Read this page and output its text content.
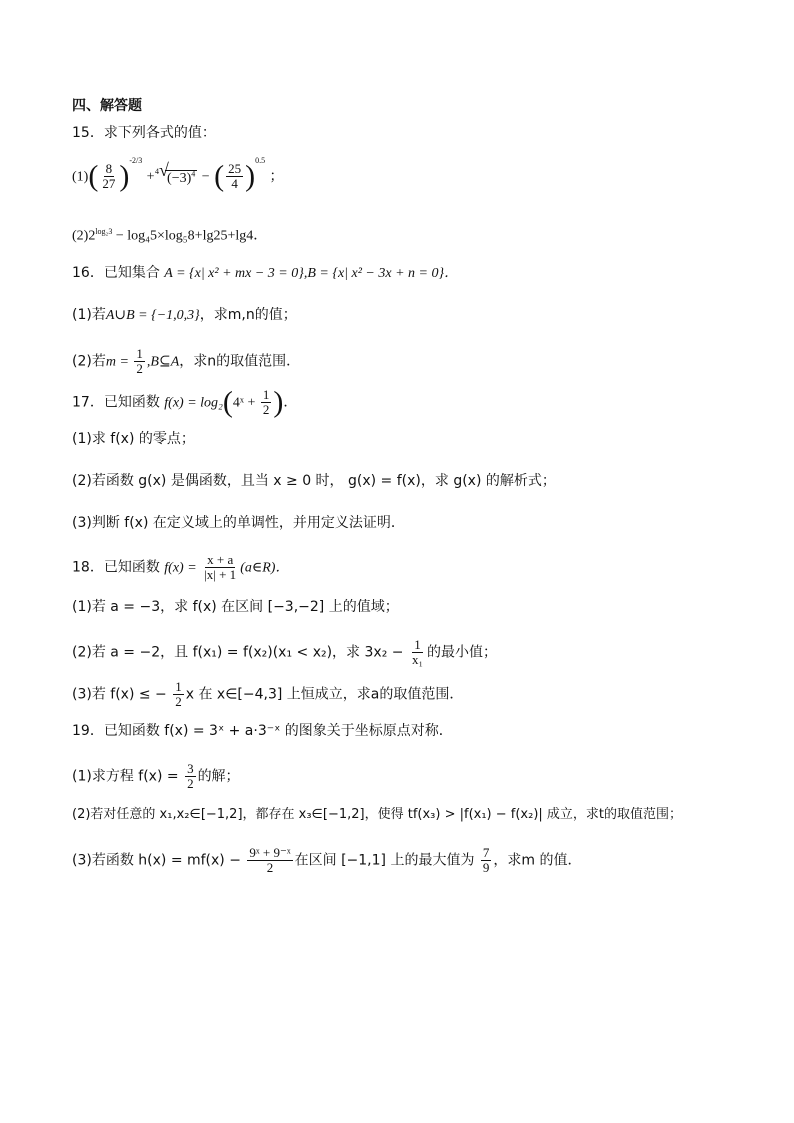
四、解答题
15．求下列各式的值：
$(1)( \frac{8}{27} )^{-2/3} + 4$ √
$(-3)^4$ − ( $\frac{25}{4} )^{0.5}$ ；
$(2)2^{log_23} - \log_45\times\log_58+\lg 25+\lg 4$．
16．已知集合 A = {x| x² + mx − 3 = 0},B = {x| x² − 3x + n = 0}．
(1)若A∪B = {−1,0,3}，求m,n的值；
(2)若$m = \frac{1}{2}$ ,B⊆A，求n的取值范围．
17．已知函数 f(x) = log₂(4ˣ + $\frac{1}{2}$ )．
(1)求 f(x) 的零点；
(2)若函数 g(x) 是偶函数，且当 x ≥ 0 时， g(x) = f(x)，求 g(x) 的解析式；
(3)判断 f(x) 在定义域上的单调性，并用定义法证明．
18．已知函数 $f(x) = \frac{x + a}{|x| + 1}$ (a∈R)．
(1)若 a = −3，求 f(x) 在区间 [−3,−2] 上的值域；
(2)若 a = −2，且 f(x₁) = f(x₂)(x₁ < x₂)，求 $3x_2 - \frac{1}{\text{x₁}}$ 的最小值；
(3)若 f(x) ≤ − $\frac{1}{2}$ x 在 x∈[−4,3] 上恒成立，求a的取值范围．
19．已知函数 f(x) = 3ˣ + a·3⁻ˣ 的图象关于坐标原点对称．
(1)求方程 $f(x) = \frac{3}{2}$ 的解；
(2)若对任意的 x₁,x₂∈[−1,2]，都存在 x₃∈[−1,2]，使得 tf(x₃) > |f(x₁) − f(x₂)| 成立，求t的取值范围；
(3)若函数 $h(x) = mf(x) - \frac{\text{9ˣ + 9⁻ˣ}}{2}$ 在区间 [−1,1] 上的最大值为 $\frac{7}{9}$ ，求m 的值．
